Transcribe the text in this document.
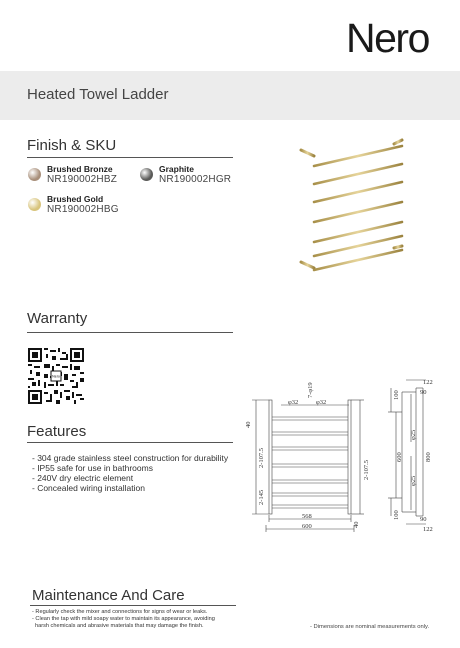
Nero
Heated Towel Ladder
Finish & SKU
Brushed Bronze
NR190002HBZ
Graphite
NR190002HGR
Brushed Gold
NR190002HBG
Warranty
Nero
Features
- 304 grade stainless steel construction for durability
- IP55 safe for use in bathrooms
- 240V dry electric element
- Concealed wiring installation
φ32	φ32
7-φ19
40
2-107.5
2-145
2-107.5
40
568
600
122
90
100
600	800
φ25
φ25
100	90
122
Maintenance And Care
- Regularly check the mixer and connections for signs of wear or leaks.
- Clean the tap with mild soapy water to maintain its appearance, avoiding
harsh chemicals and abrasive materials that may damage the finish.	- Dimensions are nominal measurements only.
